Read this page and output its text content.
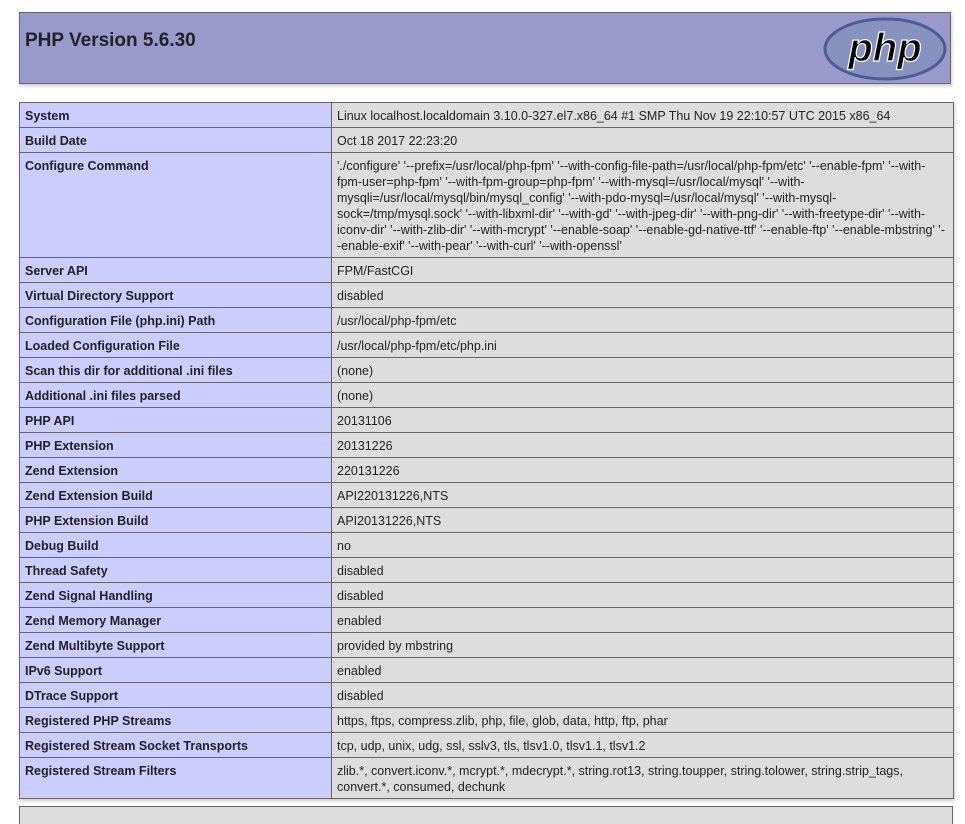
PHP Version 5.6.30	php
System	Linux localhost.localdomain 3.10.0-327.el7.x86_64 #1 SMP Thu Nov 19 22:10:57 UTC 2015 x86_64
Build Date	Oct 18 2017 22:23:20
Configure Command	'./configure' '--prefix=/usr/local/php-fpm' '--with-config-file-path=/usr/local/php-fpm/etc' '--enable-fpm' '--with-fpm-user=php-fpm' '--with-fpm-group=php-fpm' '--with-mysql=/usr/local/mysql' '--with-mysqli=/usr/local/mysql/bin/mysql_config' '--with-pdo-mysql=/usr/local/mysql' '--with-mysql-sock=/tmp/mysql.sock' '--with-libxml-dir' '--with-gd' '--with-jpeg-dir' '--with-png-dir' '--with-freetype-dir' '--with-iconv-dir' '--with-zlib-dir' '--with-mcrypt' '--enable-soap' '--enable-gd-native-ttf' '--enable-ftp' '--enable-mbstring' '--enable-exif' '--with-pear' '--with-curl' '--with-openssl'
Server API	FPM/FastCGI
Virtual Directory Support	disabled
Configuration File (php.ini) Path	/usr/local/php-fpm/etc
Loaded Configuration File	/usr/local/php-fpm/etc/php.ini
Scan this dir for additional .ini files	(none)
Additional .ini files parsed	(none)
PHP API	20131106
PHP Extension	20131226
Zend Extension	220131226
Zend Extension Build	API220131226,NTS
PHP Extension Build	API20131226,NTS
Debug Build	no
Thread Safety	disabled
Zend Signal Handling	disabled
Zend Memory Manager	enabled
Zend Multibyte Support	provided by mbstring
IPv6 Support	enabled
DTrace Support	disabled
Registered PHP Streams	https, ftps, compress.zlib, php, file, glob, data, http, ftp, phar
Registered Stream Socket Transports	tcp, udp, unix, udg, ssl, sslv3, tls, tlsv1.0, tlsv1.1, tlsv1.2
Registered Stream Filters	zlib.*, convert.iconv.*, mcrypt.*, mdecrypt.*, string.rot13, string.toupper, string.tolower, string.strip_tags, convert.*, consumed, dechunk
